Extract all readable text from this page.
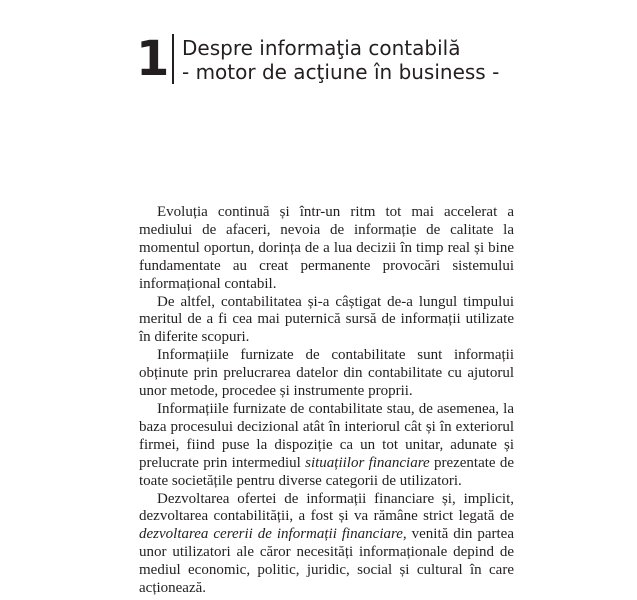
1 Despre informaţia contabilă
- motor de acţiune în business -

Evoluția continuă și într-un ritm tot mai accelerat a mediului de afaceri, nevoia de informație de calitate la momentul oportun, dorința de a lua decizii în timp real și bine fundamentate au creat permanente provocări sistemului informațional contabil.

De altfel, contabilitatea și-a câștigat de-a lungul timpului meritul de a fi cea mai puternică sursă de informații utilizate în diferite scopuri.

Informațiile furnizate de contabilitate sunt informații obținute prin prelucrarea datelor din contabilitate cu ajutorul unor metode, procedee și instrumente proprii.

Informațiile furnizate de contabilitate stau, de asemenea, la baza procesului decizional atât în interiorul cât și în exteriorul firmei, fiind puse la dispoziție ca un tot unitar, adunate și prelucrate prin intermediul situațiilor financiare prezentate de toate societățile pentru diverse categorii de utilizatori.

Dezvoltarea ofertei de informații financiare și, implicit, dezvoltarea contabilității, a fost și va rămâne strict legată de dezvoltarea cererii de informații financiare, venită din partea unor utilizatori ale căror necesități informaționale depind de mediul economic, politic, juridic, social și cultural în care acționează.
